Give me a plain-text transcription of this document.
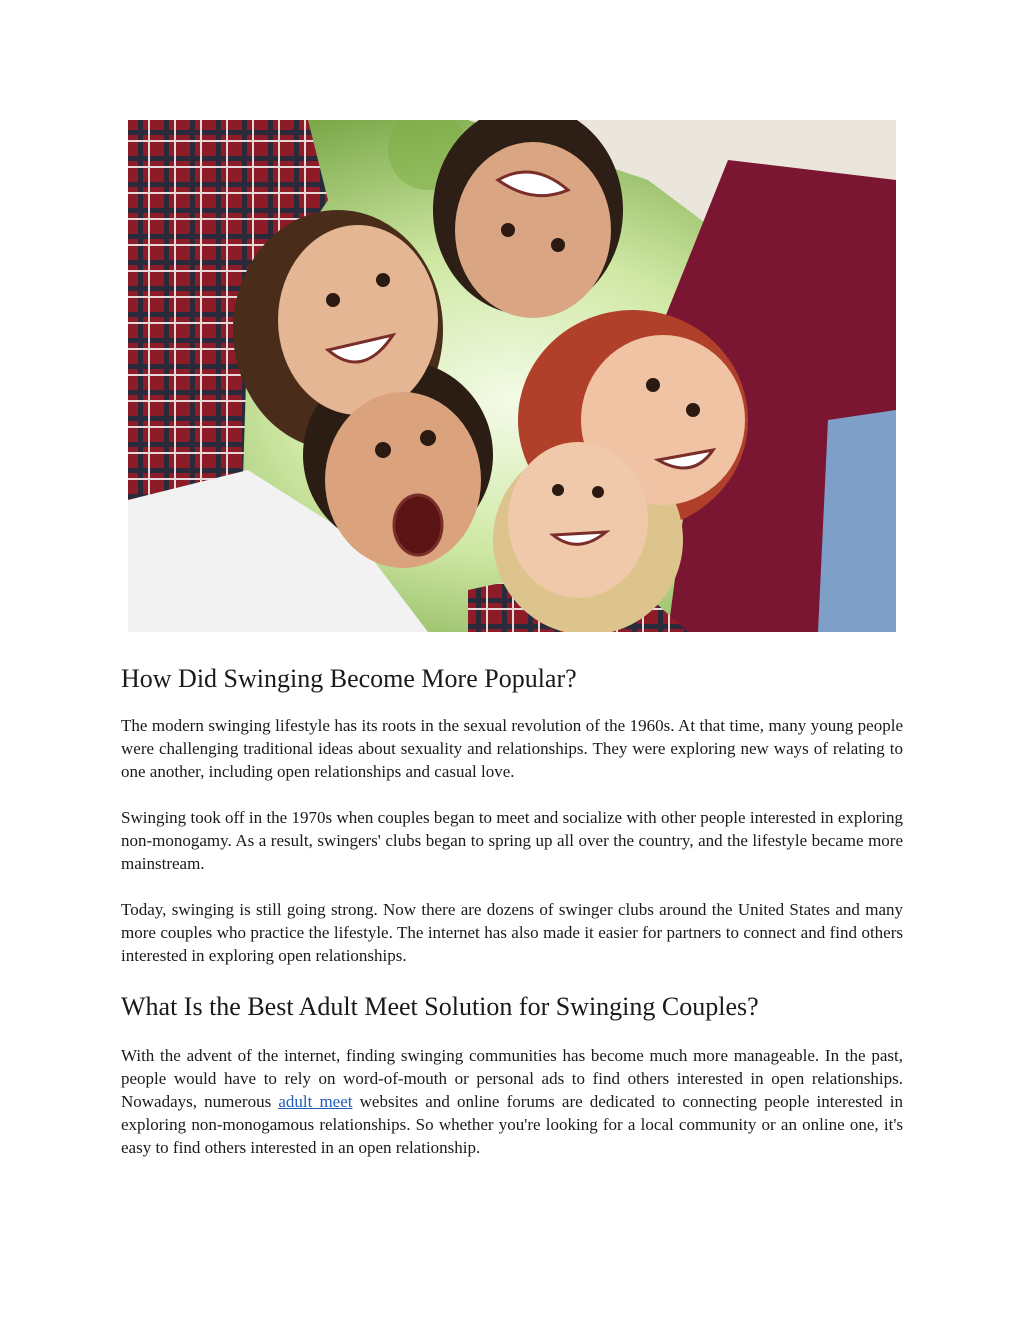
How Did Swinging Become More Popular?

The modern swinging lifestyle has its roots in the sexual revolution of the 1960s. At that time, many young people were challenging traditional ideas about sexuality and relationships. They were exploring new ways of relating to one another, including open relationships and casual love.

Swinging took off in the 1970s when couples began to meet and socialize with other people interested in exploring non-monogamy. As a result, swingers' clubs began to spring up all over the country, and the lifestyle became more mainstream.

Today, swinging is still going strong. Now there are dozens of swinger clubs around the United States and many more couples who practice the lifestyle. The internet has also made it easier for partners to connect and find others interested in exploring open relationships.

What Is the Best Adult Meet Solution for Swinging Couples?

With the advent of the internet, finding swinging communities has become much more manageable. In the past, people would have to rely on word-of-mouth or personal ads to find others interested in open relationships. Nowadays, numerous adult meet websites and online forums are dedicated to connecting people interested in exploring non-monogamous relationships. So whether you're looking for a local community or an online one, it's easy to find others interested in an open relationship.
